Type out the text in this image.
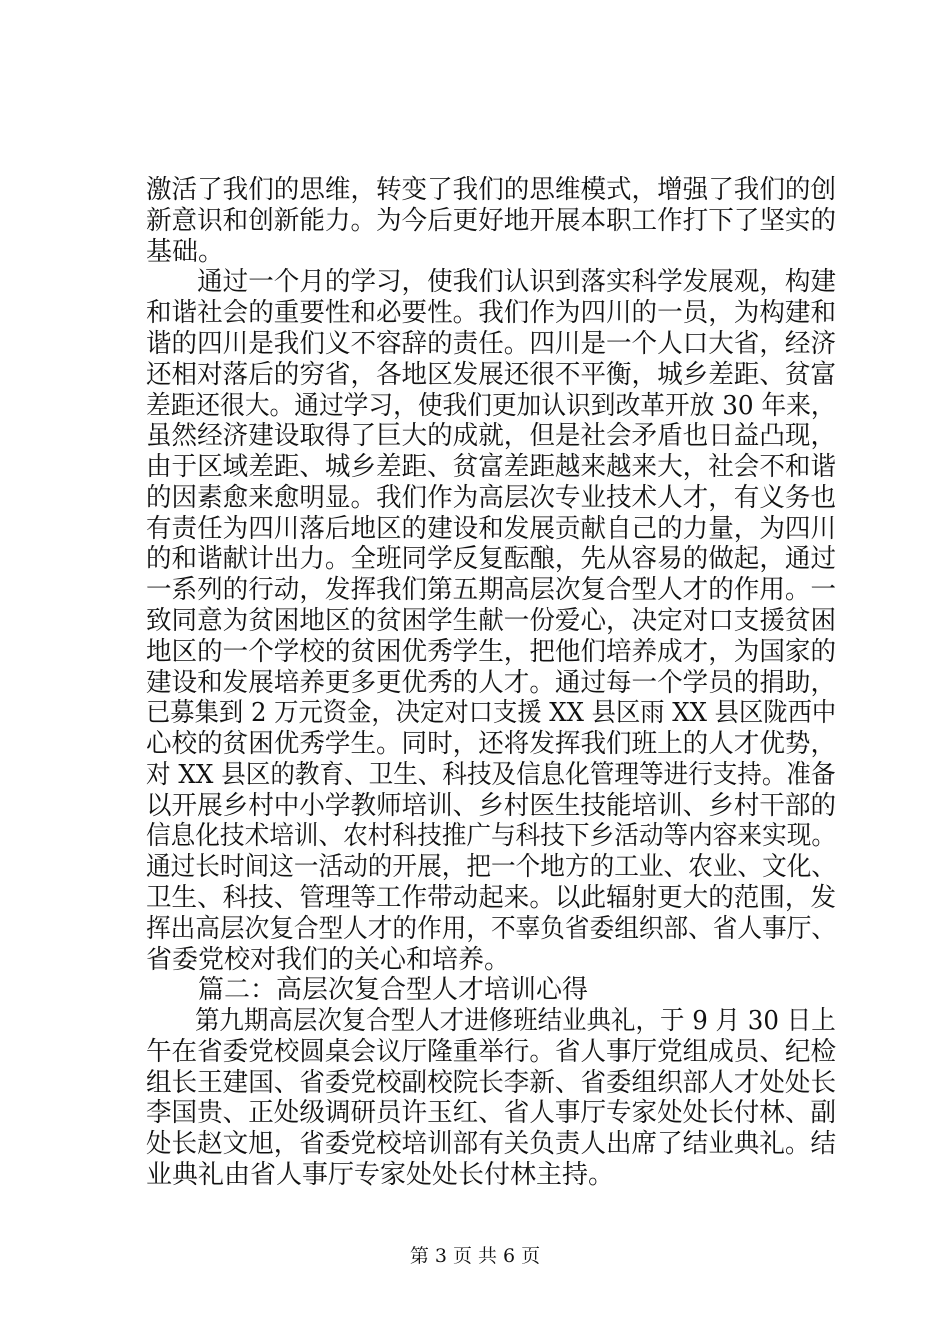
激活了我们的思维，转变了我们的思维模式，增强了我们的创
新意识和创新能力。为今后更好地开展本职工作打下了坚实的
基础。
　　通过一个月的学习，使我们认识到落实科学发展观，构建
和谐社会的重要性和必要性。我们作为四川的一员，为构建和
谐的四川是我们义不容辞的责任。四川是一个人口大省，经济
还相对落后的穷省，各地区发展还很不平衡，城乡差距、贫富
差距还很大。通过学习，使我们更加认识到改革开放 30 年来，
虽然经济建设取得了巨大的成就，但是社会矛盾也日益凸现，
由于区域差距、城乡差距、贫富差距越来越来大，社会不和谐
的因素愈来愈明显。我们作为高层次专业技术人才，有义务也
有责任为四川落后地区的建设和发展贡献自己的力量，为四川
的和谐献计出力。全班同学反复酝酿，先从容易的做起，通过
一系列的行动，发挥我们第五期高层次复合型人才的作用。一
致同意为贫困地区的贫困学生献一份爱心，决定对口支援贫困
地区的一个学校的贫困优秀学生，把他们培养成才，为国家的
建设和发展培养更多更优秀的人才。通过每一个学员的捐助，
已募集到 2 万元资金，决定对口支援 XX 县区雨 XX 县区陇西中
心校的贫困优秀学生。同时，还将发挥我们班上的人才优势，
对 XX 县区的教育、卫生、科技及信息化管理等进行支持。准备
以开展乡村中小学教师培训、乡村医生技能培训、乡村干部的
信息化技术培训、农村科技推广与科技下乡活动等内容来实现。
通过长时间这一活动的开展，把一个地方的工业、农业、文化、
卫生、科技、管理等工作带动起来。以此辐射更大的范围，发
挥出高层次复合型人才的作用，不辜负省委组织部、省人事厅、
省委党校对我们的关心和培养。
　　篇二：高层次复合型人才培训心得
　　第九期高层次复合型人才进修班结业典礼，于 9 月 30 日上
午在省委党校圆桌会议厅隆重举行。省人事厅党组成员、纪检
组长王建国、省委党校副校院长李新、省委组织部人才处处长
李国贵、正处级调研员许玉红、省人事厅专家处处长付林、副
处长赵文旭，省委党校培训部有关负责人出席了结业典礼。结
业典礼由省人事厅专家处处长付林主持。
第 3 页 共 6 页
